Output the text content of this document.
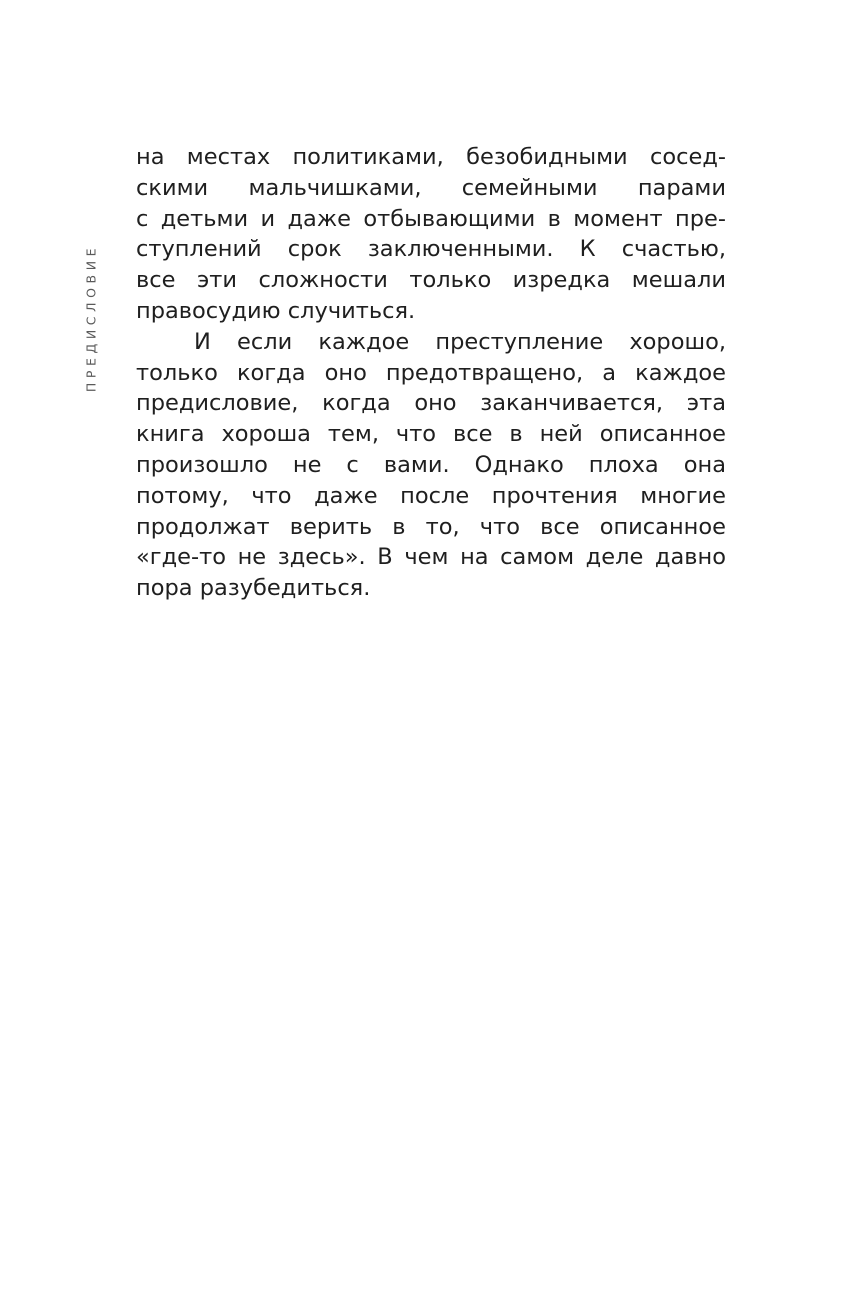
ПРЕДИСЛОВИЕ
на местах политиками, безобидными сосед-
скими мальчишками, семейными парами
с детьми и даже отбывающими в момент пре-
ступлений срок заключенными. К счастью,
все эти сложности только изредка мешали
правосудию случиться.
И если каждое преступление хорошо,
только когда оно предотвращено, а каждое
предисловие, когда оно заканчивается, эта
книга хороша тем, что все в ней описанное
произошло не с вами. Однако плоха она
потому, что даже после прочтения многие
продолжат верить в то, что все описанное
«где-то не здесь». В чем на самом деле давно
пора разубедиться.
